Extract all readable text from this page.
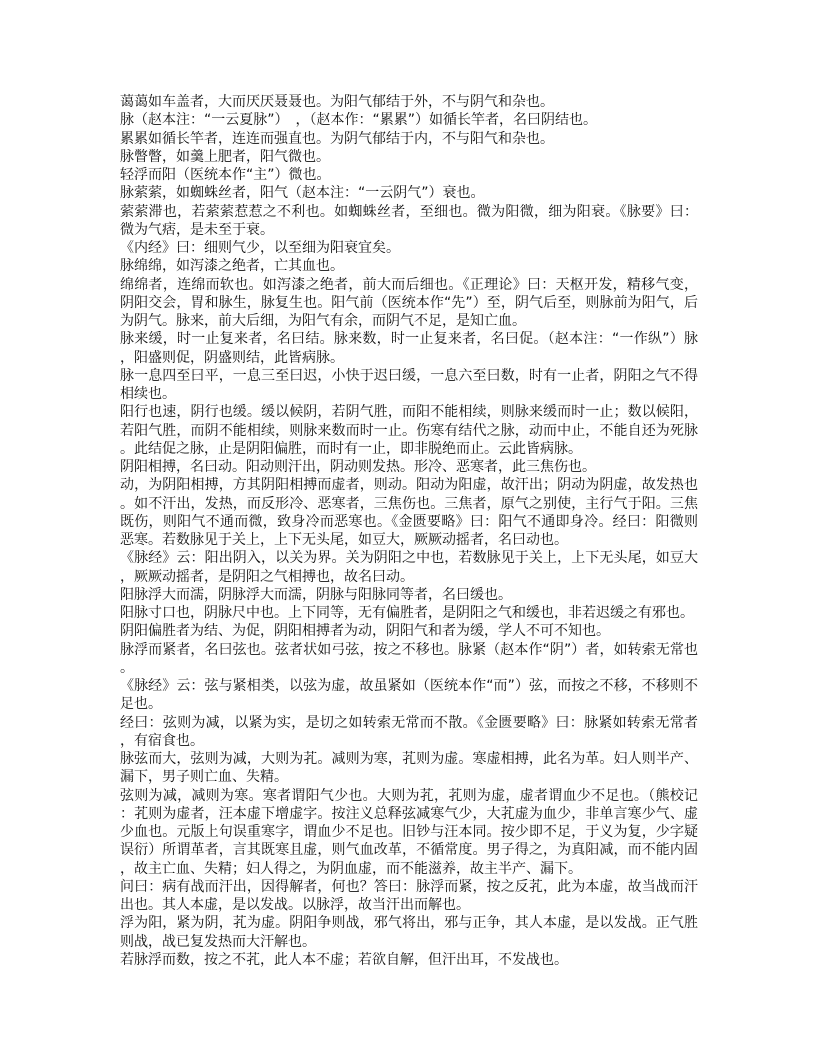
蔼蔼如车盖者，大而厌厌聂聂也。为阳气郁结于外，不与阴气和杂也。

脉（赵本注：“一云夏脉”）　，（赵本作：“累累”）如循长竿者，名曰阴结也。

累累如循长竿者，连连而强直也。为阴气郁结于内，不与阳气和杂也。

脉瞥瞥，如羹上肥者，阳气微也。

轻浮而阳（医统本作“主”）微也。

脉萦萦，如蜘蛛丝者，阳气（赵本注：“一云阴气”）衰也。

萦萦滞也，若萦萦惹惹之不利也。如蜘蛛丝者，至细也。微为阳微，细为阳衰。《脉要》曰：微为气痞，是未至于衰。

《内经》曰：细则气少，以至细为阳衰宜矣。

脉绵绵，如泻漆之绝者，亡其血也。

绵绵者，连绵而软也。如泻漆之绝者，前大而后细也。《正理论》曰：天枢开发，精移气变，阴阳交会，胃和脉生，脉复生也。阳气前（医统本作“先”）至，阴气后至，则脉前为阳气，后为阴气。脉来，前大后细，为阳气有余，而阴气不足，是知亡血。

脉来缓，时一止复来者，名曰结。脉来数，时一止复来者，名曰促。（赵本注：“一作纵”）脉，阳盛则促，阴盛则结，此皆病脉。

脉一息四至曰平，一息三至曰迟，小快于迟曰缓，一息六至曰数，时有一止者，阴阳之气不得相续也。

阳行也速，阴行也缓。缓以候阴，若阴气胜，而阳不能相续，则脉来缓而时一止；数以候阳，若阳气胜，而阴不能相续，则脉来数而时一止。伤寒有结代之脉，动而中止，不能自还为死脉。此结促之脉，止是阴阳偏胜，而时有一止，即非脱绝而止。云此皆病脉。

阴阳相搏，名曰动。阳动则汗出，阴动则发热。形冷、恶寒者，此三焦伤也。

动，为阴阳相搏，方其阴阳相搏而虚者，则动。阳动为阳虚，故汗出；阴动为阴虚，故发热也。如不汗出，发热，而反形冷、恶寒者，三焦伤也。三焦者，原气之别使，主行气于阳。三焦既伤，则阳气不通而微，致身冷而恶寒也。《金匮要略》曰：阳气不通即身冷。经曰：阳微则恶寒。若数脉见于关上，上下无头尾，如豆大，厥厥动摇者，名曰动也。

《脉经》云：阳出阴入，以关为界。关为阴阳之中也，若数脉见于关上，上下无头尾，如豆大，厥厥动摇者，是阴阳之气相搏也，故名曰动。

阳脉浮大而濡，阴脉浮大而濡，阴脉与阳脉同等者，名曰缓也。

阳脉寸口也，阴脉尺中也。上下同等，无有偏胜者，是阴阳之气和缓也，非若迟缓之有邪也。

阴阳偏胜者为结、为促，阴阳相搏者为动，阴阳气和者为缓，学人不可不知也。

脉浮而紧者，名曰弦也。弦者状如弓弦，按之不移也。脉紧（赵本作“阴”）者，如转索无常也。

《脉经》云：弦与紧相类，以弦为虚，故虽紧如（医统本作“而”）弦，而按之不移，不移则不足也。

经曰：弦则为减，以紧为实，是切之如转索无常而不散。《金匮要略》曰：脉紧如转索无常者，有宿食也。

脉弦而大，弦则为减，大则为芤。减则为寒，芤则为虚。寒虚相搏，此名为革。妇人则半产、漏下，男子则亡血、失精。

弦则为减，减则为寒。寒者谓阳气少也。大则为芤，芤则为虚，虚者谓血少不足也。（熊校记：芤则为虚者，汪本虚下增虚字。按注义总释弦减寒气少，大芤虚为血少，非单言寒少气、虚少血也。元版上句误重寒字，谓血少不足也。旧钞与汪本同。按少即不足，于义为复，少字疑误衍）所谓革者，言其既寒且虚，则气血改革，不循常度。男子得之，为真阳减，而不能内固，故主亡血、失精；妇人得之，为阴血虚，而不能滋养，故主半产、漏下。

问曰：病有战而汗出，因得解者，何也？答曰：脉浮而紧，按之反芤，此为本虚，故当战而汗出也。其人本虚，是以发战。以脉浮，故当汗出而解也。

浮为阳，紧为阴，芤为虚。阴阳争则战，邪气将出，邪与正争，其人本虚，是以发战。正气胜则战，战已复发热而大汗解也。

若脉浮而数，按之不芤，此人本不虚；若欲自解，但汗出耳，不发战也。
